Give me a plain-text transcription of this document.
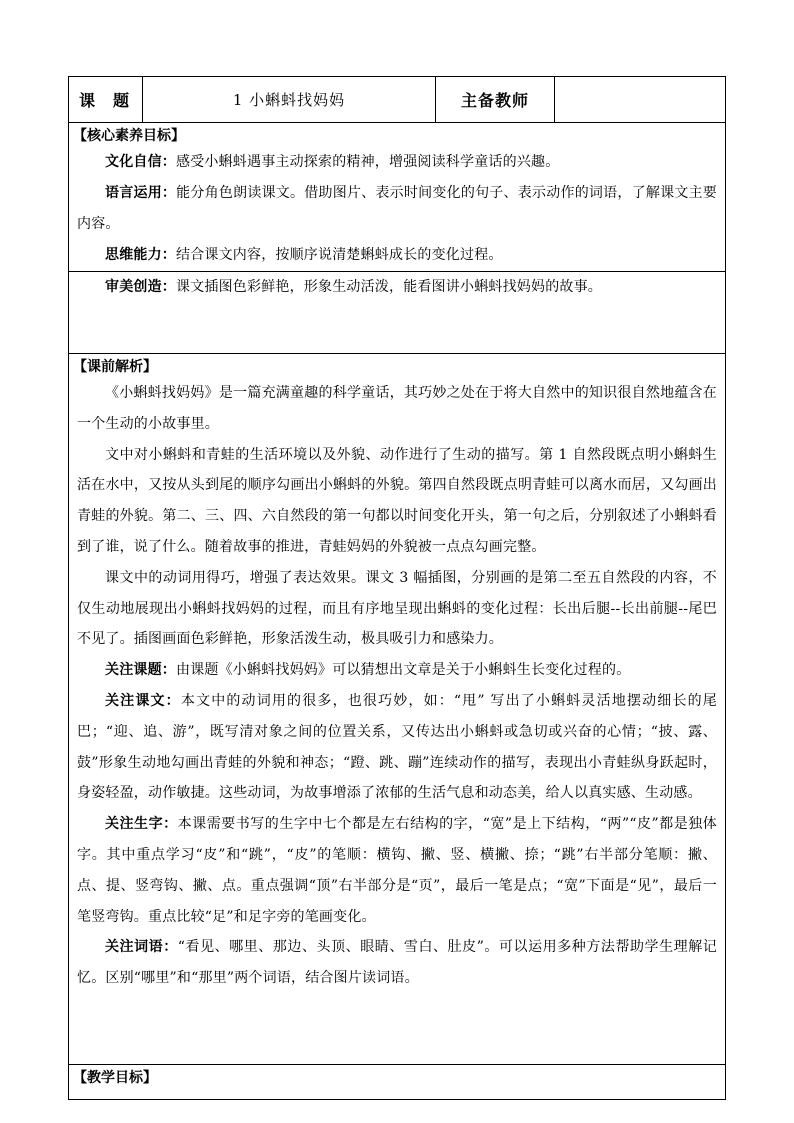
课题	1 小蝌蚪找妈妈	主备教师	

【核心素养目标】

文化自信：感受小蝌蚪遇事主动探索的精神，增强阅读科学童话的兴趣。

语言运用：能分角色朗读课文。借助图片、表示时间变化的句子、表示动作的词语，了解课文主要内容。

思维能力：结合课文内容，按顺序说清楚蝌蚪成长的变化过程。

审美创造：课文插图色彩鲜艳，形象生动活泼，能看图讲小蝌蚪找妈妈的故事。

【课前解析】

《小蝌蚪找妈妈》是一篇充满童趣的科学童话，其巧妙之处在于将大自然中的知识很自然地蕴含在一个生动的小故事里。

文中对小蝌蚪和青蛙的生活环境以及外貌、动作进行了生动的描写。第 1 自然段既点明小蝌蚪生活在水中，又按从头到尾的顺序勾画出小蝌蚪的外貌。第四自然段既点明青蛙可以离水而居，又勾画出青蛙的外貌。第二、三、四、六自然段的第一句都以时间变化开头，第一句之后，分别叙述了小蝌蚪看到了谁，说了什么。随着故事的推进，青蛙妈妈的外貌被一点点勾画完整。

课文中的动词用得巧，增强了表达效果。课文 3 幅插图，分别画的是第二至五自然段的内容，不仅生动地展现出小蝌蚪找妈妈的过程，而且有序地呈现出蝌蚪的变化过程：长出后腿--长出前腿--尾巴不见了。插图画面色彩鲜艳，形象活泼生动，极具吸引力和感染力。

关注课题：由课题《小蝌蚪找妈妈》可以猜想出文章是关于小蝌蚪生长变化过程的。

关注课文：本文中的动词用的很多，也很巧妙，如：“甩” 写出了小蝌蚪灵活地摆动细长的尾巴；“迎、追、游”，既写清对象之间的位置关系，又传达出小蝌蚪或急切或兴奋的心情；“披、露、鼓”形象生动地勾画出青蛙的外貌和神态；“蹬、跳、蹦”连续动作的描写，表现出小青蛙纵身跃起时，身姿轻盈，动作敏捷。这些动词，为故事增添了浓郁的生活气息和动态美，给人以真实感、生动感。

关注生字：本课需要书写的生字中七个都是左右结构的字，“宽”是上下结构，“两”“皮”都是独体字。其中重点学习“皮”和“跳”，“皮”的笔顺：横钩、撇、竖、横撇、捺；“跳”右半部分笔顺：撇、点、提、竖弯钩、撇、点。重点强调“顶”右半部分是“页”，最后一笔是点；“宽”下面是“见”，最后一笔竖弯钩。重点比较“足”和足字旁的笔画变化。

关注词语：“看见、哪里、那边、头顶、眼睛、雪白、肚皮”。可以运用多种方法帮助学生理解记忆。区别“哪里”和“那里”两个词语，结合图片读词语。

【教学目标】
